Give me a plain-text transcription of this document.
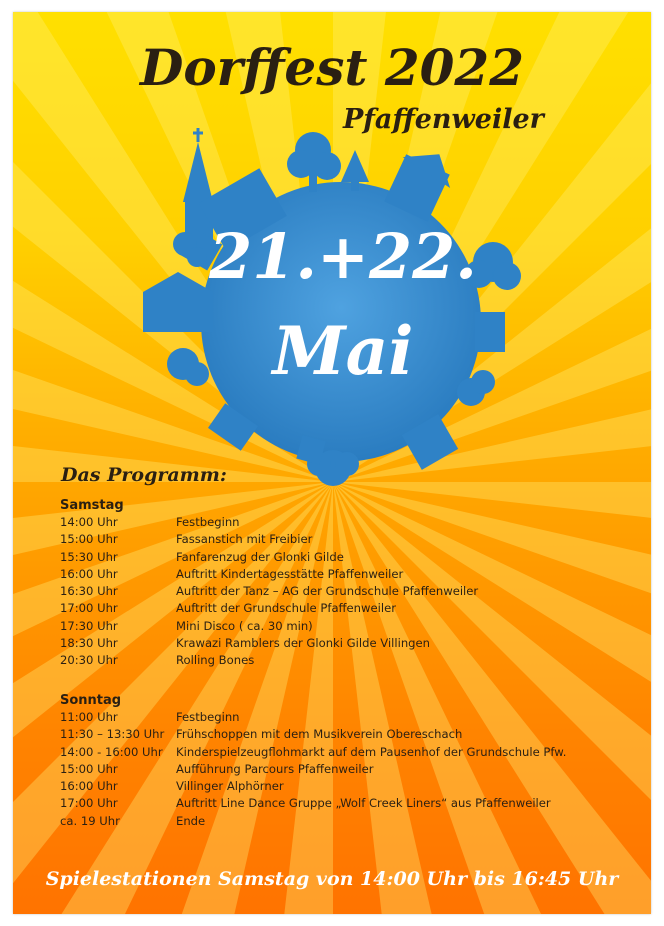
Dorffest 2022
Pfaffenweiler
21.+22.
Mai
Das Programm:
Samstag
14:00 Uhr	Festbeginn
15:00 Uhr	Fassanstich mit Freibier
15:30 Uhr	Fanfarenzug der Glonki Gilde
16:00 Uhr	Auftritt Kindertagesstätte Pfaffenweiler
16:30 Uhr	Auftritt der Tanz – AG der Grundschule Pfaffenweiler
17:00 Uhr	Auftritt der Grundschule Pfaffenweiler
17:30 Uhr	Mini Disco ( ca. 30 min)
18:30 Uhr	Krawazi Ramblers der Glonki Gilde Villingen
20:30 Uhr	Rolling Bones
Sonntag
11:00 Uhr	Festbeginn
11:30 – 13:30 Uhr	Frühschoppen mit dem Musikverein Obereschach
14:00 - 16:00 Uhr	Kinderspielzeugflohmarkt auf dem Pausenhof der Grundschule Pfw.
15:00 Uhr	Aufführung Parcours Pfaffenweiler
16:00 Uhr	Villinger Alphörner
17:00 Uhr	Auftritt Line Dance Gruppe „Wolf Creek Liners“ aus Pfaffenweiler
ca. 19 Uhr	Ende
Spielestationen Samstag von 14:00 Uhr bis 16:45 Uhr
